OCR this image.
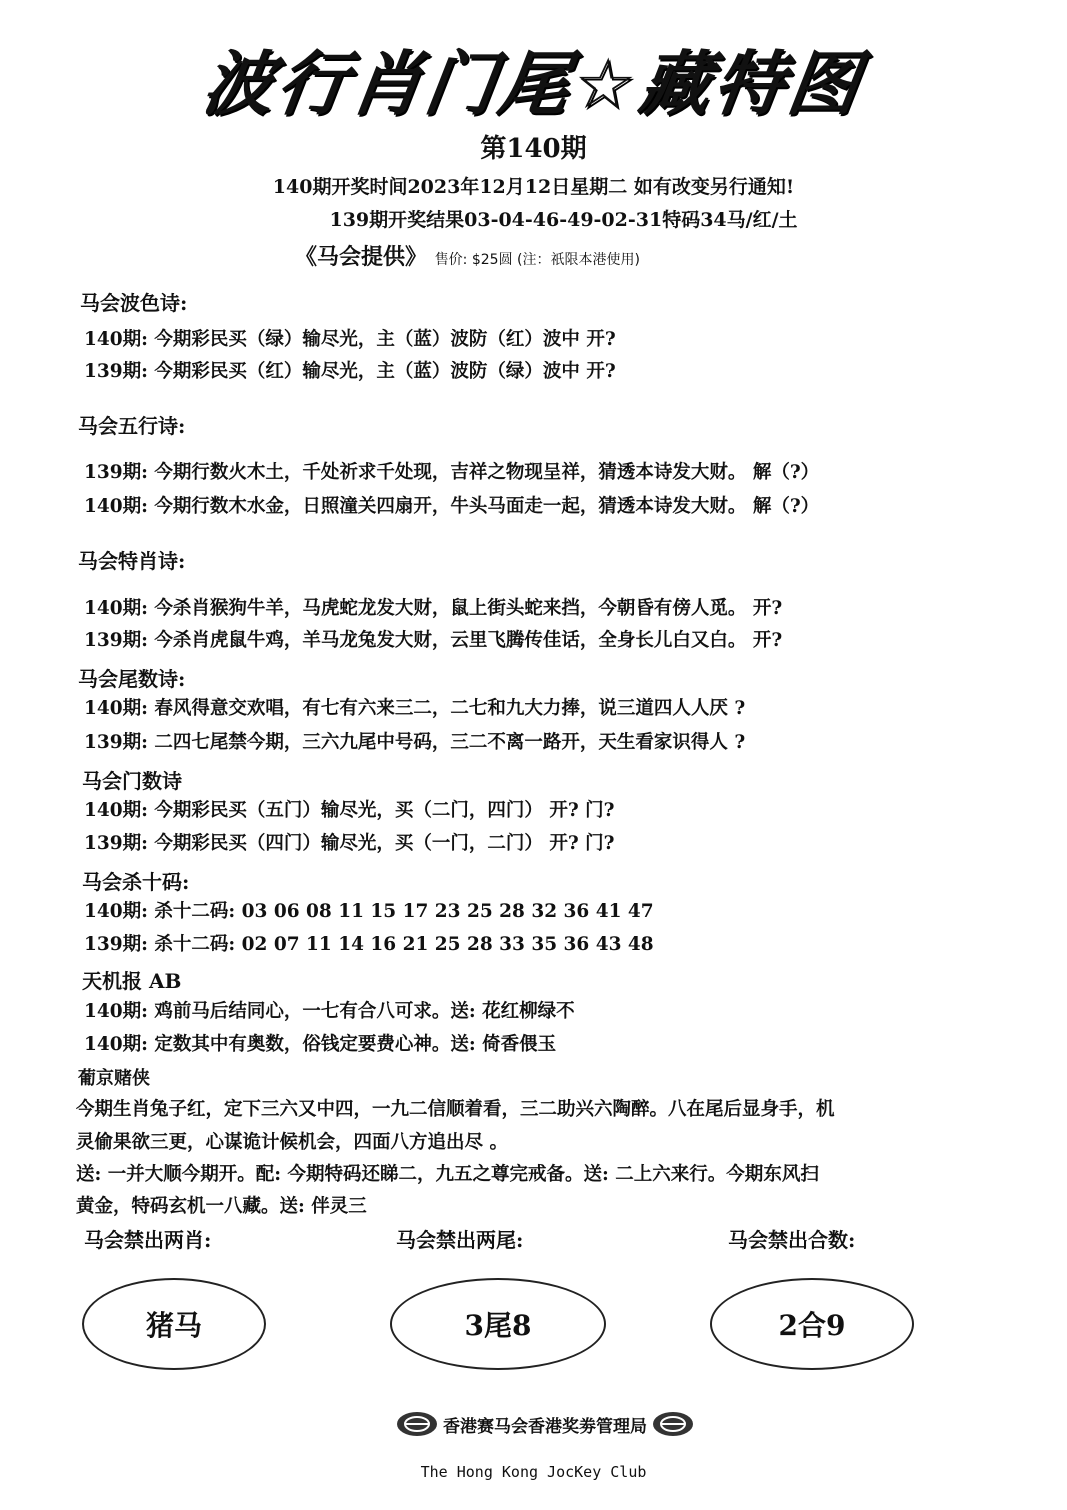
波行肖门尾☆藏特图
第140期
140期开奖时间2023年12月12日星期二 如有改变另行通知!
139期开奖结果03-04-46-49-02-31特码34马/红/土
《马会提供》 售价: $25圆 (注：祇限本港使用)
马会波色诗:
140期: 今期彩民买（绿）输尽光，主（蓝）波防（红）波中 开?
139期: 今期彩民买（红）输尽光，主（蓝）波防（绿）波中 开?
马会五行诗:
139期: 今期行数火木土，千处祈求千处现，吉祥之物现呈祥，猜透本诗发大财。 解（?）
140期: 今期行数木水金，日照潼关四扇开，牛头马面走一起，猜透本诗发大财。 解（?）
马会特肖诗:
140期: 今杀肖猴狗牛羊，马虎蛇龙发大财，鼠上街头蛇来挡，今朝昏有傍人觅。 开?
139期: 今杀肖虎鼠牛鸡，羊马龙兔发大财，云里飞腾传佳话，全身长儿白又白。 开?
马会尾数诗:
140期: 春风得意交欢唱，有七有六来三二，二七和九大力捧，说三道四人人厌 ?
139期: 二四七尾禁今期，三六九尾中号码，三二不离一路开，天生看家识得人 ?
马会门数诗
140期: 今期彩民买（五门）输尽光，买（二门，四门） 开? 门?
139期: 今期彩民买（四门）输尽光，买（一门，二门） 开? 门?
马会杀十码:
140期: 杀十二码: 03 06 08 11 15 17 23 25 28 32 36 41 47
139期: 杀十二码: 02 07 11 14 16 21 25 28 33 35 36 43 48
天机报 AB
140期: 鸡前马后结同心，一七有合八可求。送: 花红柳绿不
140期: 定数其中有奥数，俗钱定要费心神。送: 倚香偎玉
葡京赌侠
今期生肖兔子红，定下三六又中四，一九二信顺着看，三二助兴六陶醉。八在尾后显身手，机
灵偷果欲三更，心谋诡计候机会，四面八方追出尽 。
送: 一并大顺今期开。配: 今期特码还睇二，九五之尊完戒备。送: 二上六来行。今期东风扫
黄金，特码玄机一八藏。送: 伴灵三
马会禁出两肖:	马会禁出两尾:	马会禁出合数:
猪马	3尾8	2合9
香港赛马会香港奖劵管理局
The Hong Kong JocKey Club
